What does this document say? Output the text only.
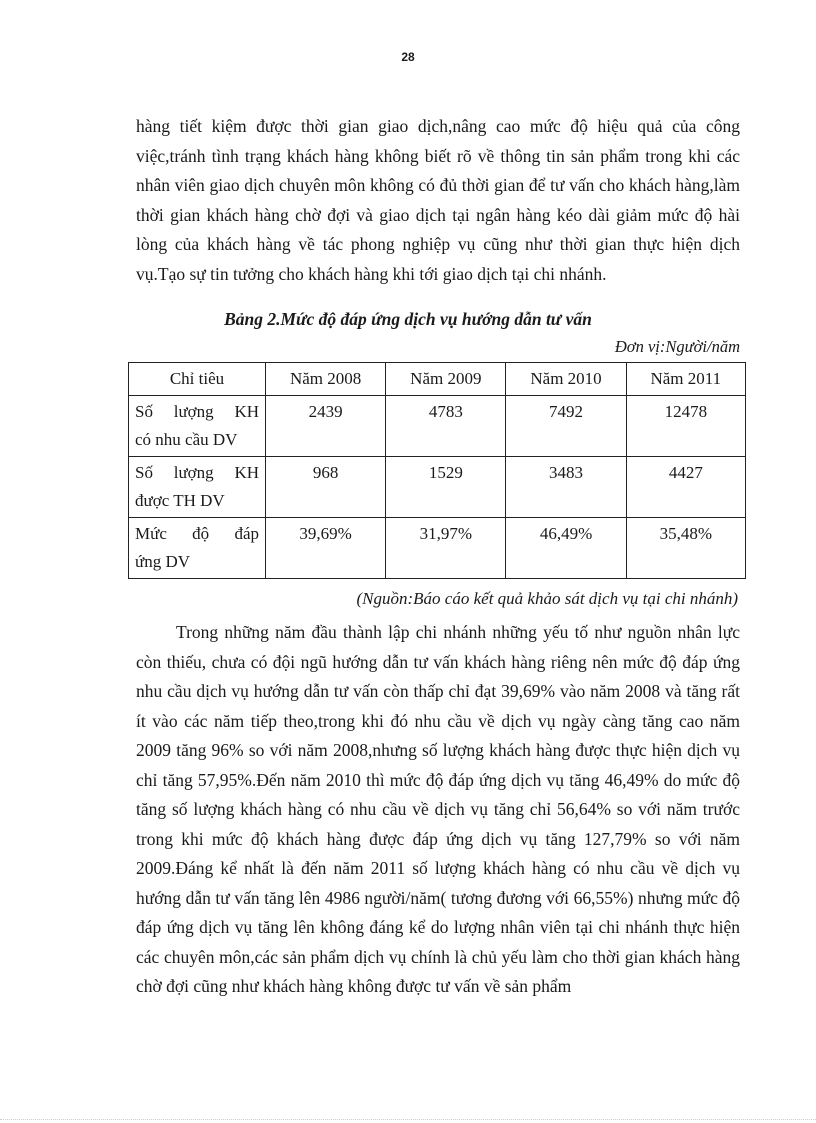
28

hàng tiết kiệm được thời gian giao dịch,nâng cao mức độ hiệu quả của công việc,tránh tình trạng khách hàng không biết rõ về thông tin sản phẩm trong khi các nhân viên giao dịch chuyên môn không có đủ thời gian để tư vấn cho khách hàng,làm thời gian khách hàng chờ đợi và giao dịch tại ngân hàng kéo dài giảm mức độ hài lòng của khách hàng về tác phong nghiệp vụ cũng như thời gian thực hiện dịch vụ.Tạo sự tin tưởng cho khách hàng khi tới giao dịch tại chi nhánh.

Bảng 2.Mức độ đáp ứng dịch vụ hướng dẫn tư vấn
Đơn vị:Người/năm
Chỉ tiêu	Năm 2008	Năm 2009	Năm 2010	Năm 2011
Số lượng KH
có nhu cầu DV	2439	4783	7492	12478
Số lượng KH
được TH DV	968	1529	3483	4427
Mức độ đáp
ứng DV	39,69%	31,97%	46,49%	35,48%
(Nguồn:Báo cáo kết quả khảo sát dịch vụ tại chi nhánh)

Trong những năm đầu thành lập chi nhánh những yếu tố như nguồn nhân lực còn thiếu, chưa có đội ngũ hướng dẫn tư vấn khách hàng riêng nên mức độ đáp ứng nhu cầu dịch vụ hướng dẫn tư vấn còn thấp chỉ đạt 39,69% vào năm 2008 và tăng rất ít vào các năm tiếp theo,trong khi đó nhu cầu về dịch vụ ngày càng tăng cao năm 2009 tăng 96% so với năm 2008,nhưng số lượng khách hàng được thực hiện dịch vụ chỉ tăng 57,95%.Đến năm 2010 thì mức độ đáp ứng dịch vụ tăng 46,49% do mức độ tăng số lượng khách hàng có nhu cầu về dịch vụ tăng chỉ 56,64% so với năm trước trong khi mức độ khách hàng được đáp ứng dịch vụ tăng 127,79% so với năm 2009.Đáng kể nhất là đến năm 2011 số lượng khách hàng có nhu cầu về dịch vụ hướng dẫn tư vấn tăng lên 4986 người/năm( tương đương với 66,55%) nhưng mức độ đáp ứng dịch vụ tăng lên không đáng kể do lượng nhân viên tại chi nhánh thực hiện các chuyên môn,các sản phẩm dịch vụ chính là chủ yếu làm cho thời gian khách hàng chờ đợi cũng như khách hàng không được tư vấn về sản phẩm
